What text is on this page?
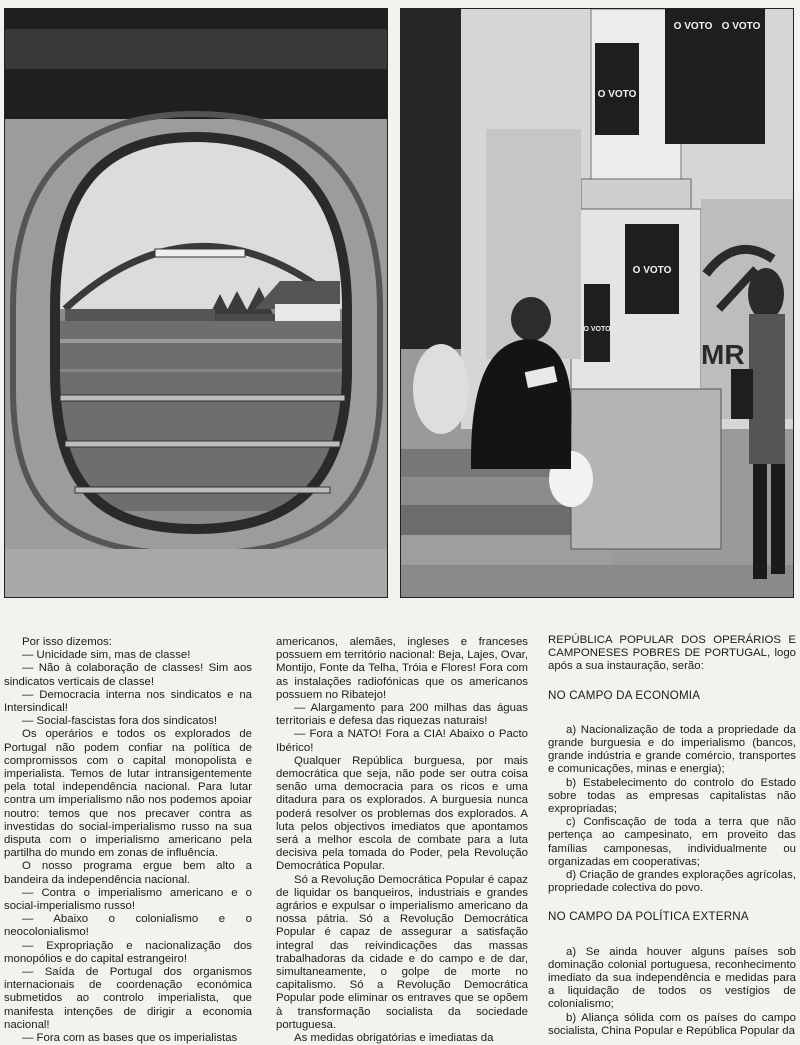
O VOTO
O VOTO O VOTO
O VOTO
O VOTO
MR

Por isso dizemos:

— Unicidade sim, mas de classe!

— Não à colaboração de classes! Sim aos sindicatos verticais de classe!

— Democracia interna nos sindicatos e na Intersindical!

— Social-fascistas fora dos sindicatos!

Os operários e todos os explorados de Portugal não podem confiar na política de compromissos com o capital monopolista e imperialista. Temos de lutar intransigentemente pela total independência nacional. Para lutar contra um imperialismo não nos podemos apoiar noutro: temos que nos precaver contra as investidas do social-imperialismo russo na sua disputa com o imperialismo americano pela partilha do mundo em zonas de influência.

O nosso programa ergue bem alto a bandeira da independência nacional.

— Contra o imperialismo americano e o social-imperialismo russo!

— Abaixo o colonialismo e o neocolonialismo!

— Expropriação e nacionalização dos monopólios e do capital estrangeiro!

— Saída de Portugal dos organismos internacionais de coordenação económica submetidos ao controlo imperialista, que manifesta intenções de dirigir a economia nacional!

— Fora com as bases que os imperialistas

americanos, alemães, ingleses e franceses possuem em território nacional: Beja, Lajes, Ovar, Montijo, Fonte da Telha, Tróia e Flores! Fora com as instalações radiofónicas que os americanos possuem no Ribatejo!

— Alargamento para 200 milhas das águas territoriais e defesa das riquezas naturais!

— Fora a NATO! Fora a CIA! Abaixo o Pacto Ibérico!

Qualquer República burguesa, por mais democrática que seja, não pode ser outra coisa senão uma democracia para os ricos e uma ditadura para os explorados. A burguesia nunca poderá resolver os problemas dos explorados. A luta pelos objectivos imediatos que apontamos será a melhor escola de combate para a luta decisiva pela tomada do Poder, pela Revolução Democrática Popular.

Só a Revolução Democrática Popular é capaz de liquidar os banqueiros, industriais e grandes agrários e expulsar o imperialismo americano da nossa pátria. Só a Revolução Democrática Popular é capaz de assegurar a satisfação integral das reivindicações das massas trabalhadoras da cidade e do campo e de dar, simultaneamente, o golpe de morte no capitalismo. Só a Revolução Democrática Popular pode eliminar os entraves que se opõem à transformação socialista da sociedade portuguesa.

As medidas obrigatórias e imediatas da

REPÚBLICA POPULAR DOS OPERÁRIOS E CAMPONESES POBRES DE PORTUGAL, logo após a sua instauração, serão:

NO CAMPO DA ECONOMIA

a) Nacionalização de toda a propriedade da grande burguesia e do imperialismo (bancos, grande indústria e grande comércio, transportes e comunicações, minas e energia);

b) Estabelecimento do controlo do Estado sobre todas as empresas capitalistas não expropriadas;

c) Confiscação de toda a terra que não pertença ao campesinato, em proveito das famílias camponesas, individualmente ou organizadas em cooperativas;

d) Criação de grandes explorações agrícolas, propriedade colectiva do povo.

NO CAMPO DA POLÍTICA EXTERNA

a) Se ainda houver alguns países sob dominação colonial portuguesa, reconhecimento imediato da sua independência e medidas para a liquidação de todos os vestígios de colonialismo;

b) Aliança sólida com os países do campo socialista, China Popular e República Popular da
